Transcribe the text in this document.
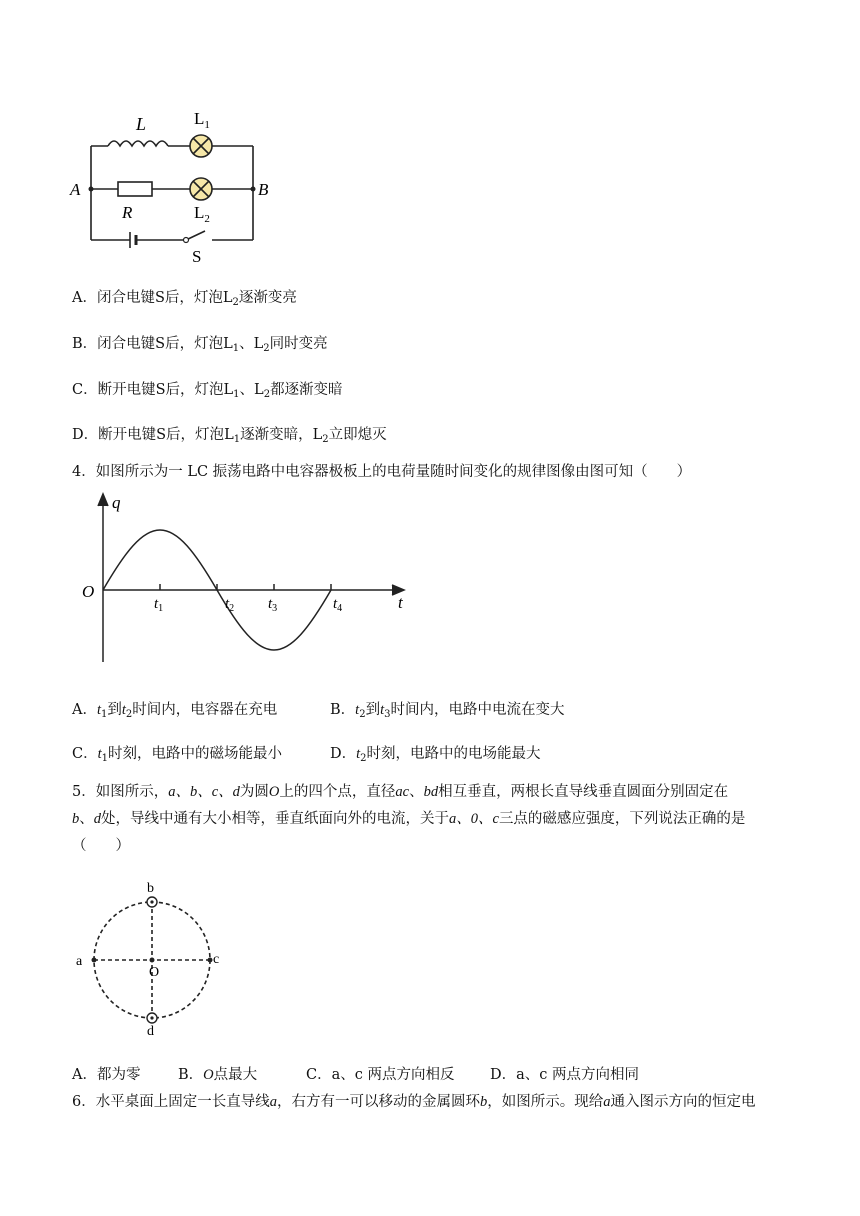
L	$L_1$
A	B
R	$L_2$
S
A．闭合电键S后，灯泡$L_2$逐渐变亮
B．闭合电键S后，灯泡$L_1$、$L_2$同时变亮
C．断开电键S后，灯泡$L_1$、$L_2$都逐渐变暗
D．断开电键S后，灯泡$L_1$逐渐变暗，$L_2$立即熄灭
4．如图所示为一 LC 振荡电路中电容器极板上的电荷量随时间变化的规律图像由图可知（　　）
q
t
O
$t_1$	$t_2$ $t_3$	$t_4$
A．$t_1$到$t_2$时间内，电容器在充电	B．$t_2$到$t_3$时间内，电路中电流在变大
C．$t_1$时刻，电路中的磁场能最小	D．$t_2$时刻，电路中的电场能最大
5．如图所示，a、b、c、d为圆O上的四个点，直径ac、bd相互垂直，两根长直导线垂直圆面分别固定在
b、d处，导线中通有大小相等，垂直纸面向外的电流，关于a、0、c三点的磁感应强度，下列说法正确的是
（　　）
b
a	c
O
d
A．都为零	B．O点最大	C．a、c 两点方向相反 D．a、c 两点方向相同
6．水平桌面上固定一长直导线a，右方有一可以移动的金属圆环b，如图所示。现给a通入图示方向的恒定电
